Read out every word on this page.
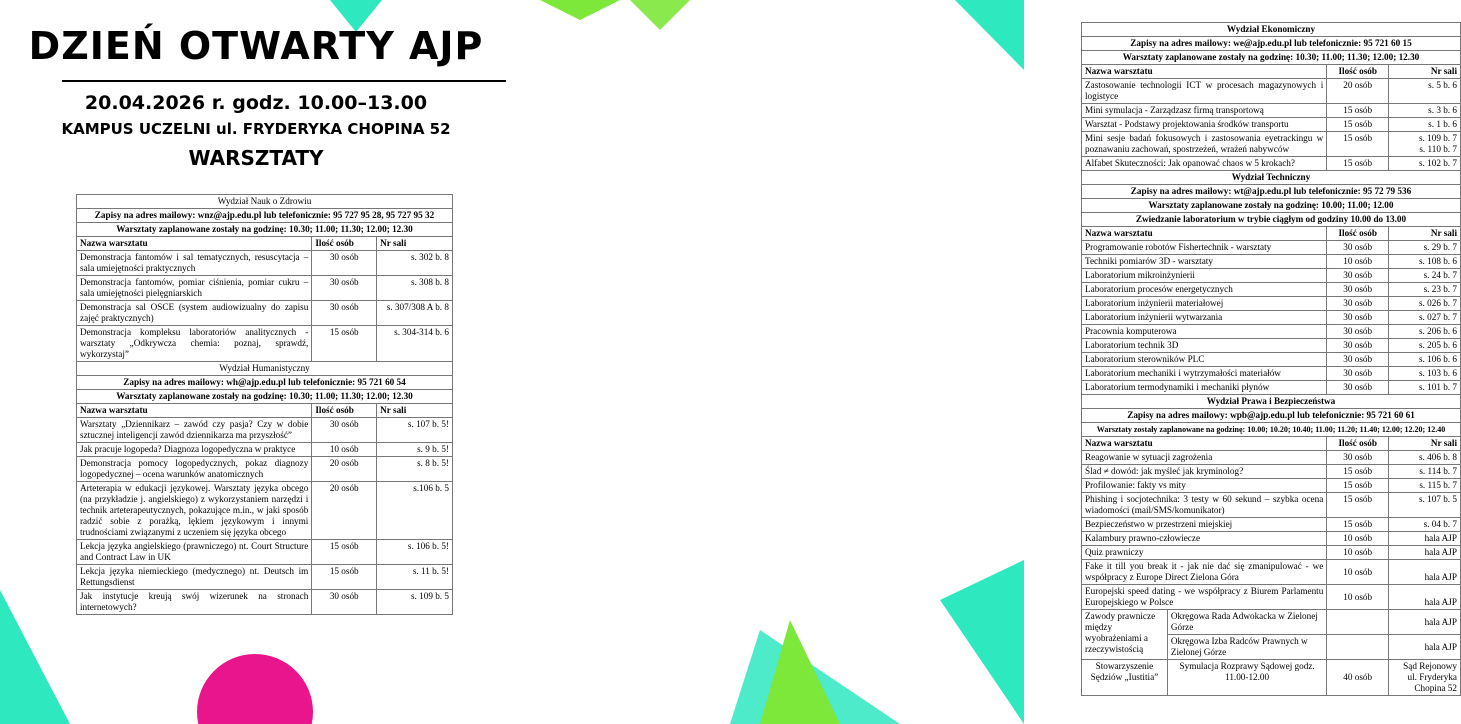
DZIEŃ OTWARTY AJP
20.04.2026 r. godz. 10.00–13.00
KAMPUS UCZELNI ul. FRYDERYKA CHOPINA 52
WARSZTATY
Wydział Nauk o Zdrowiu		
Zapisy na adres mailowy: wnz@ajp.edu.pl lub telefonicznie: 95 727 95 28, 95 727 95 32		
Warsztaty zaplanowane zostały na godzinę: 10.30; 11.00; 11.30; 12.00; 12.30		
Nazwa warsztatu	Ilość osób	Nr sali
Demonstracja fantomów i sal tematycznych, resuscytacja – sala umiejętności praktycznych	30 osób	s. 302 b. 8
Demonstracja fantomów, pomiar ciśnienia, pomiar cukru – sala umiejętności pielęgniarskich	30 osób	s. 308 b. 8
Demonstracja sal OSCE (system audiowizualny do zapisu zajęć praktycznych)	30 osób	s. 307/308 A b. 8
Demonstracja kompleksu laboratoriów analitycznych - warsztaty „Odkrywcza chemia: poznaj, sprawdź, wykorzystaj”	15 osób	s. 304-314 b. 6
Wydział Humanistyczny		
Zapisy na adres mailowy: wh@ajp.edu.pl lub telefonicznie: 95 721 60 54		
Warsztaty zaplanowane zostały na godzinę: 10.30; 11.00; 11.30; 12.00; 12.30		
Nazwa warsztatu	Ilość osób	Nr sali
Warsztaty „Dziennikarz – zawód czy pasja? Czy w dobie sztucznej inteligencji zawód dziennikarza ma przyszłość”	30 osób	s. 107 b. 5!
Jak pracuje logopeda? Diagnoza logopedyczna w praktyce	10 osób	s. 9 b. 5!
Demonstracja pomocy logopedycznych, pokaz diagnozy logopedycznej – ocena warunków anatomicznych	20 osób	s. 8 b. 5!
Arteterapia w edukacji językowej. Warsztaty języka obcego (na przykładzie j. angielskiego) z wykorzystaniem narzędzi i technik arteterapeutycznych, pokazujące m.in., w jaki sposób radzić sobie z porażką, lękiem językowym i innymi trudnościami związanymi z uczeniem się języka obcego	20 osób	s.106 b. 5
Lekcja języka angielskiego (prawniczego) nt. Court Structure and Contract Law in UK	15 osób	s. 106 b. 5!
Lekcja języka niemieckiego (medycznego) nt. Deutsch im Rettungsdienst	15 osób	s. 11 b. 5!
Jak instytucje kreują swój wizerunek na stronach internetowych?	30 osób	s. 109 b. 5
Wydział Ekonomiczny			
Zapisy na adres mailowy: we@ajp.edu.pl lub telefonicznie: 95 721 60 15			
Warsztaty zaplanowane zostały na godzinę: 10.30; 11.00; 11.30; 12.00; 12.30			
Nazwa warsztatu		Ilość osób	Nr sali
Zastosowanie technologii ICT w procesach magazynowych i logistyce		20 osób	s. 5 b. 6
Mini symulacja - Zarządzasz firmą transportową		15 osób	s. 3 b. 6
Warsztat - Podstawy projektowania środków transportu		15 osób	s. 1 b. 6
Mini sesje badań fokusowych i zastosowania eyetrackingu w poznawaniu zachowań, spostrzeżeń, wrażeń nabywców		15 osób	s. 109 b. 7
s. 110 b. 7
Alfabet Skuteczności: Jak opanować chaos w 5 krokach?		15 osób	s. 102 b. 7
Wydział Techniczny			
Zapisy na adres mailowy: wt@ajp.edu.pl lub telefonicznie: 95 72 79 536			
Warsztaty zaplanowane zostały na godzinę: 10.00; 11.00; 12.00			
Zwiedzanie laboratorium w trybie ciągłym od godziny 10.00 do 13.00			
Nazwa warsztatu		Ilość osób	Nr sali
Programowanie robotów Fishertechnik - warsztaty		30 osób	s. 29 b. 7
Techniki pomiarów 3D - warsztaty		10 osób	s. 108 b. 6
Laboratorium mikroinżynierii		30 osób	s. 24 b. 7
Laboratorium procesów energetycznych		30 osób	s. 23 b. 7
Laboratorium inżynierii materiałowej		30 osób	s. 026 b. 7
Laboratorium inżynierii wytwarzania		30 osób	s. 027 b. 7
Pracownia komputerowa		30 osób	s. 206 b. 6
Laboratorium technik 3D		30 osób	s. 205 b. 6
Laboratorium sterowników PLC		30 osób	s. 106 b. 6
Laboratorium mechaniki i wytrzymałości materiałów		30 osób	s. 103 b. 6
Laboratorium termodynamiki i mechaniki płynów		30 osób	s. 101 b. 7
Wydział Prawa i Bezpieczeństwa			
Zapisy na adres mailowy: wpb@ajp.edu.pl lub telefonicznie: 95 721 60 61			
Warsztaty zostały zaplanowane na godzinę: 10.00; 10.20; 10.40; 11.00; 11.20; 11.40; 12.00; 12.20; 12.40			
Nazwa warsztatu		Ilość osób	Nr sali
Reagowanie w sytuacji zagrożenia		30 osób	s. 406 b. 8
Ślad ≠ dowód: jak myśleć jak kryminolog?		15 osób	s. 114 b. 7
Profilowanie: fakty vs mity		15 osób	s. 115 b. 7
Phishing i socjotechnika: 3 testy w 60 sekund – szybka ocena wiadomości (mail/SMS/komunikator)		15 osób	s. 107 b. 5
Bezpieczeństwo w przestrzeni miejskiej		15 osób	s. 04 b. 7
Kalambury prawno-człowiecze		10 osób	hala AJP
Quiz prawniczy		10 osób	hala AJP
Fake it till you break it - jak nie dać się zmanipulować - we współpracy z Europe Direct Zielona Góra		10 osób	hala AJP
Europejski speed dating - we współpracy z Biurem Parlamentu Europejskiego w Polsce		10 osób	hala AJP
Zawody prawnicze między wyobrażeniami a rzeczywistością	Okręgowa Rada Adwokacka w Zielonej Górze		hala AJP
	Okręgowa Izba Radców Prawnych w Zielonej Górze		hala AJP
Stowarzyszenie Sędziów „Iustitia”	Symulacja Rozprawy Sądowej godz. 11.00-12.00	40 osób	Sąd Rejonowy ul. Fryderyka Chopina 52
